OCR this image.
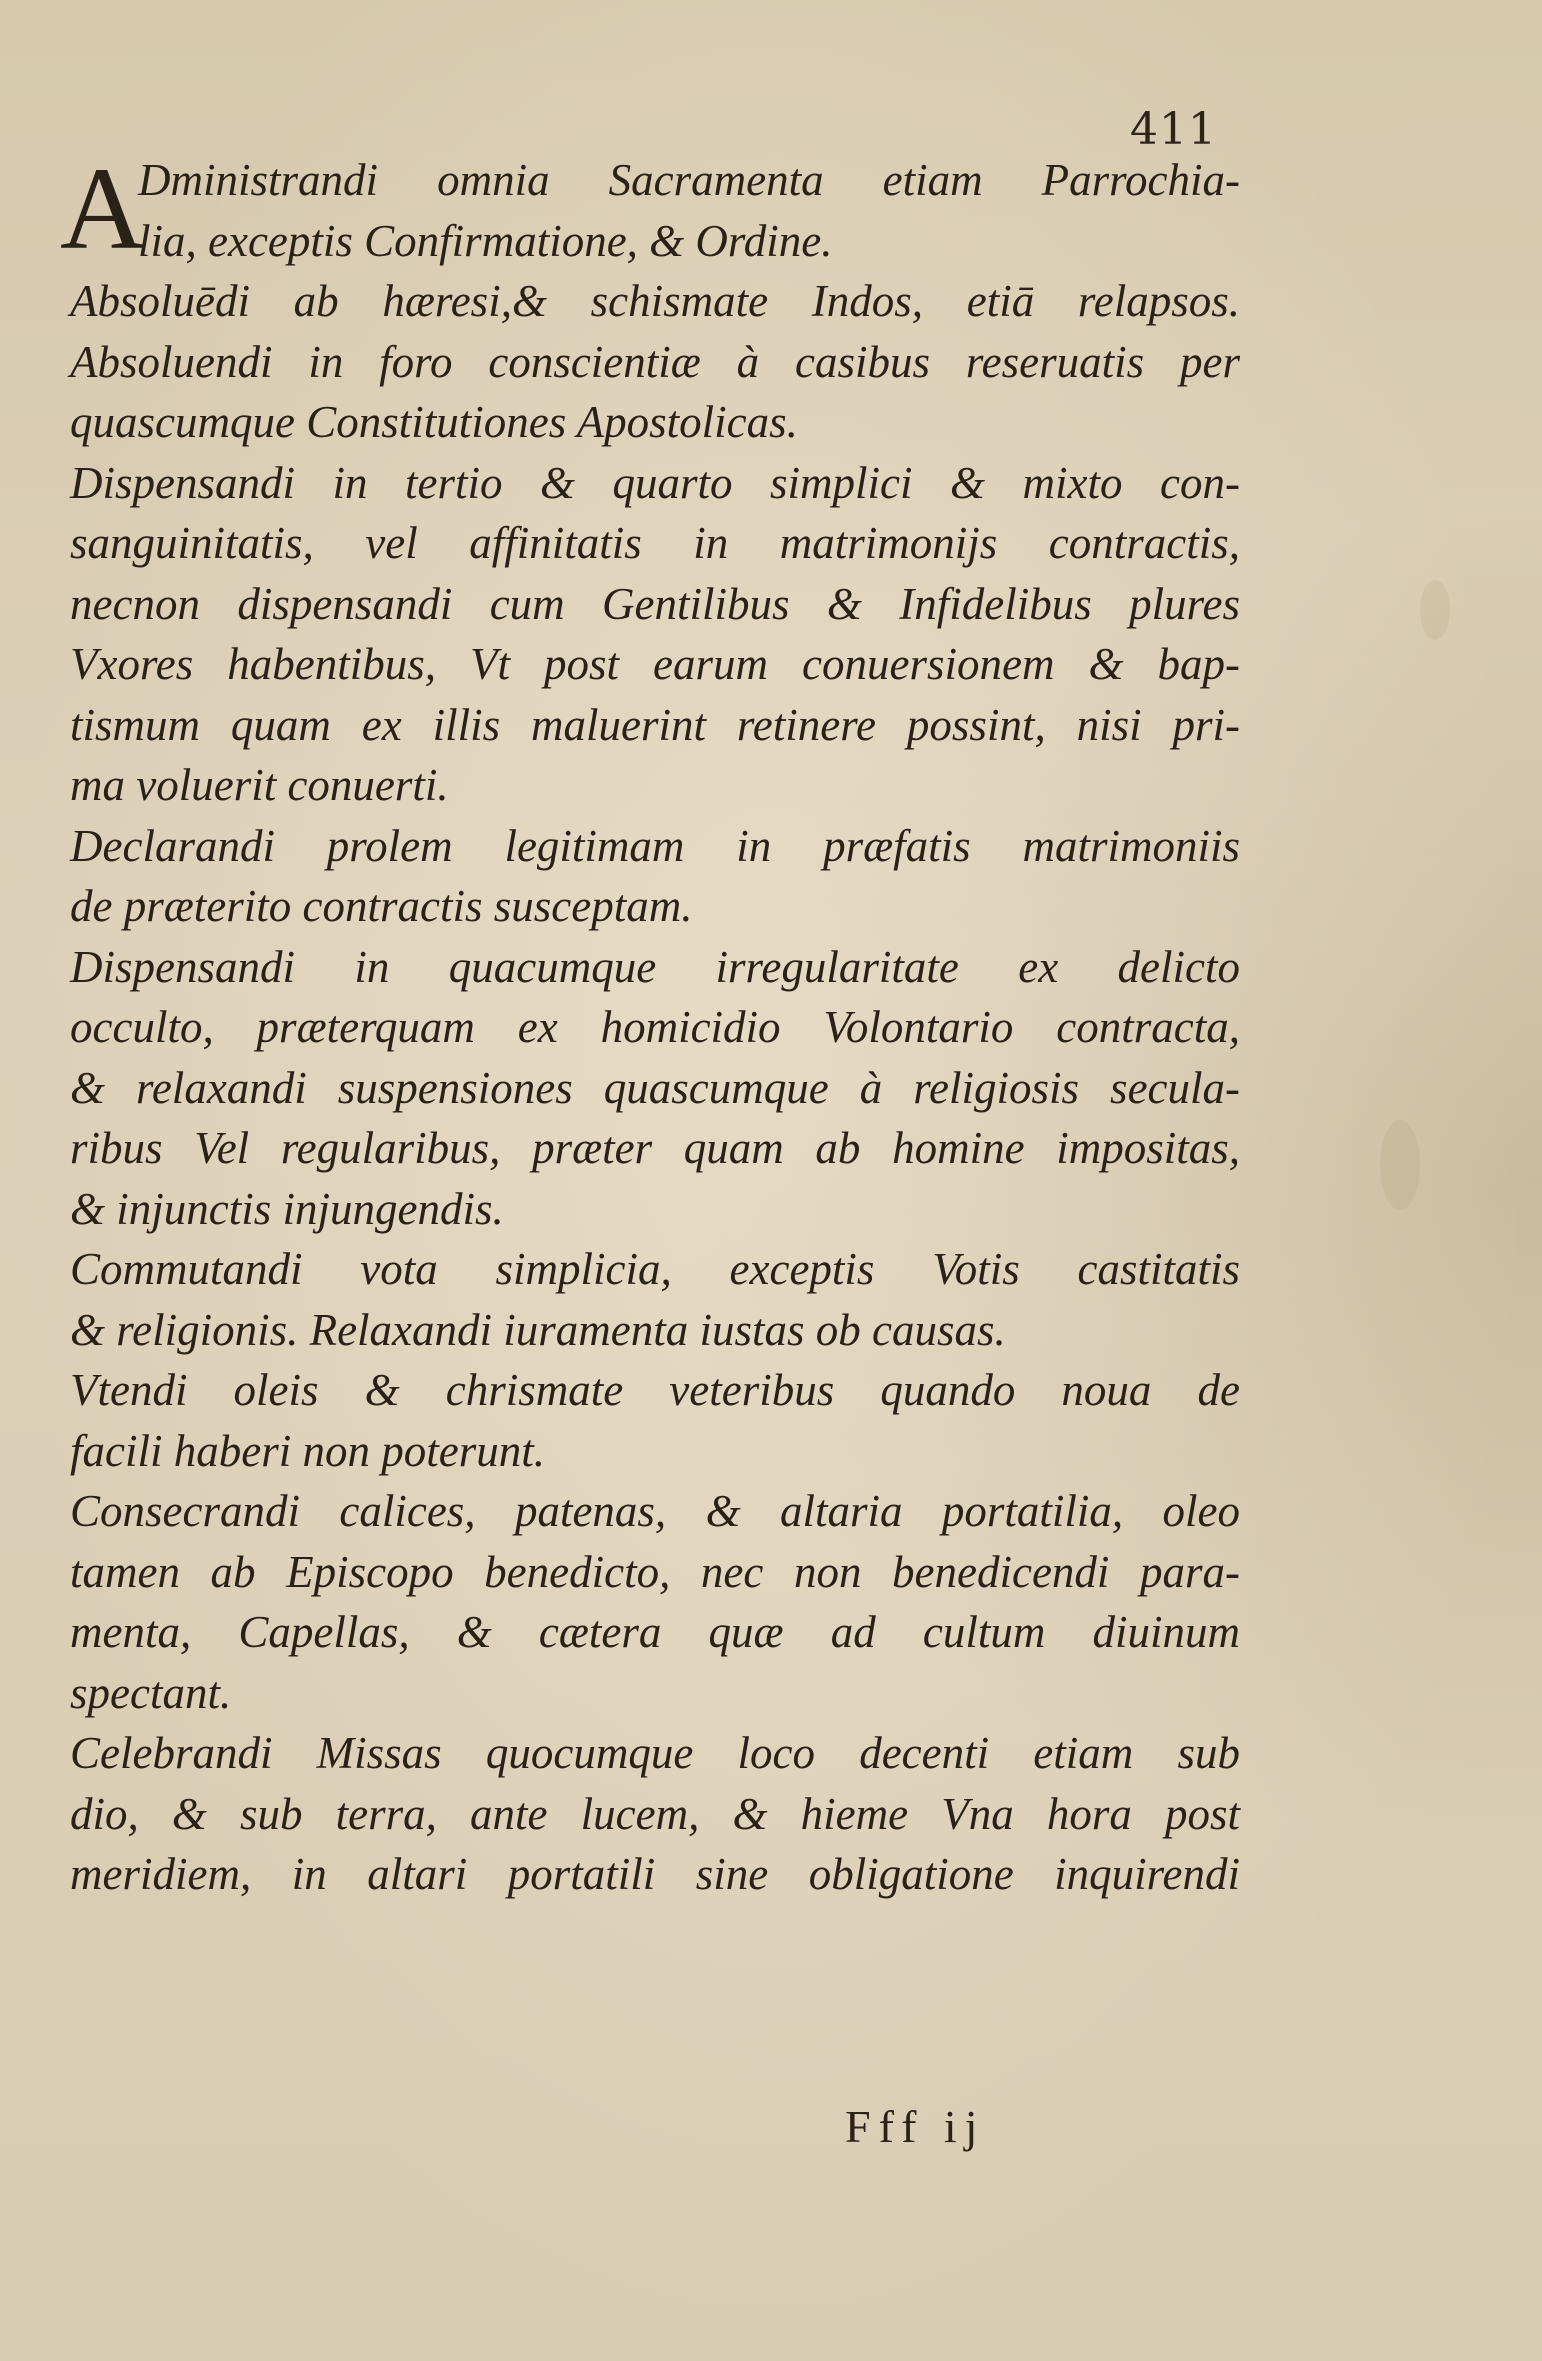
411
A
Dministrandi omnia Sacramenta etiam Parrochia-
lia, exceptis Confirmatione, & Ordine.
Absoluēdi ab hæresi,& schismate Indos, etiā relapsos.
Absoluendi in foro conscientiæ à casibus reseruatis per
quascumque Constitutiones Apostolicas.
Dispensandi in tertio & quarto simplici & mixto con-
sanguinitatis, vel affinitatis in matrimonijs contractis,
necnon dispensandi cum Gentilibus & Infidelibus plures
Vxores habentibus, Vt post earum conuersionem & bap-
tismum quam ex illis maluerint retinere possint, nisi pri-
ma voluerit conuerti.
Declarandi prolem legitimam in præfatis matrimoniis
de præterito contractis susceptam.
Dispensandi in quacumque irregularitate ex delicto
occulto, præterquam ex homicidio Volontario contracta,
& relaxandi suspensiones quascumque à religiosis secula-
ribus Vel regularibus, præter quam ab homine impositas,
& injunctis injungendis.
Commutandi vota simplicia, exceptis Votis castitatis
& religionis. Relaxandi iuramenta iustas ob causas.
Vtendi oleis & chrismate veteribus quando noua de
facili haberi non poterunt.
Consecrandi calices, patenas, & altaria portatilia, oleo
tamen ab Episcopo benedicto, nec non benedicendi para-
menta, Capellas, & cætera quæ ad cultum diuinum
spectant.
Celebrandi Missas quocumque loco decenti etiam sub
dio, & sub terra, ante lucem, & hieme Vna hora post
meridiem, in altari portatili sine obligatione inquirendi
Fff ij
